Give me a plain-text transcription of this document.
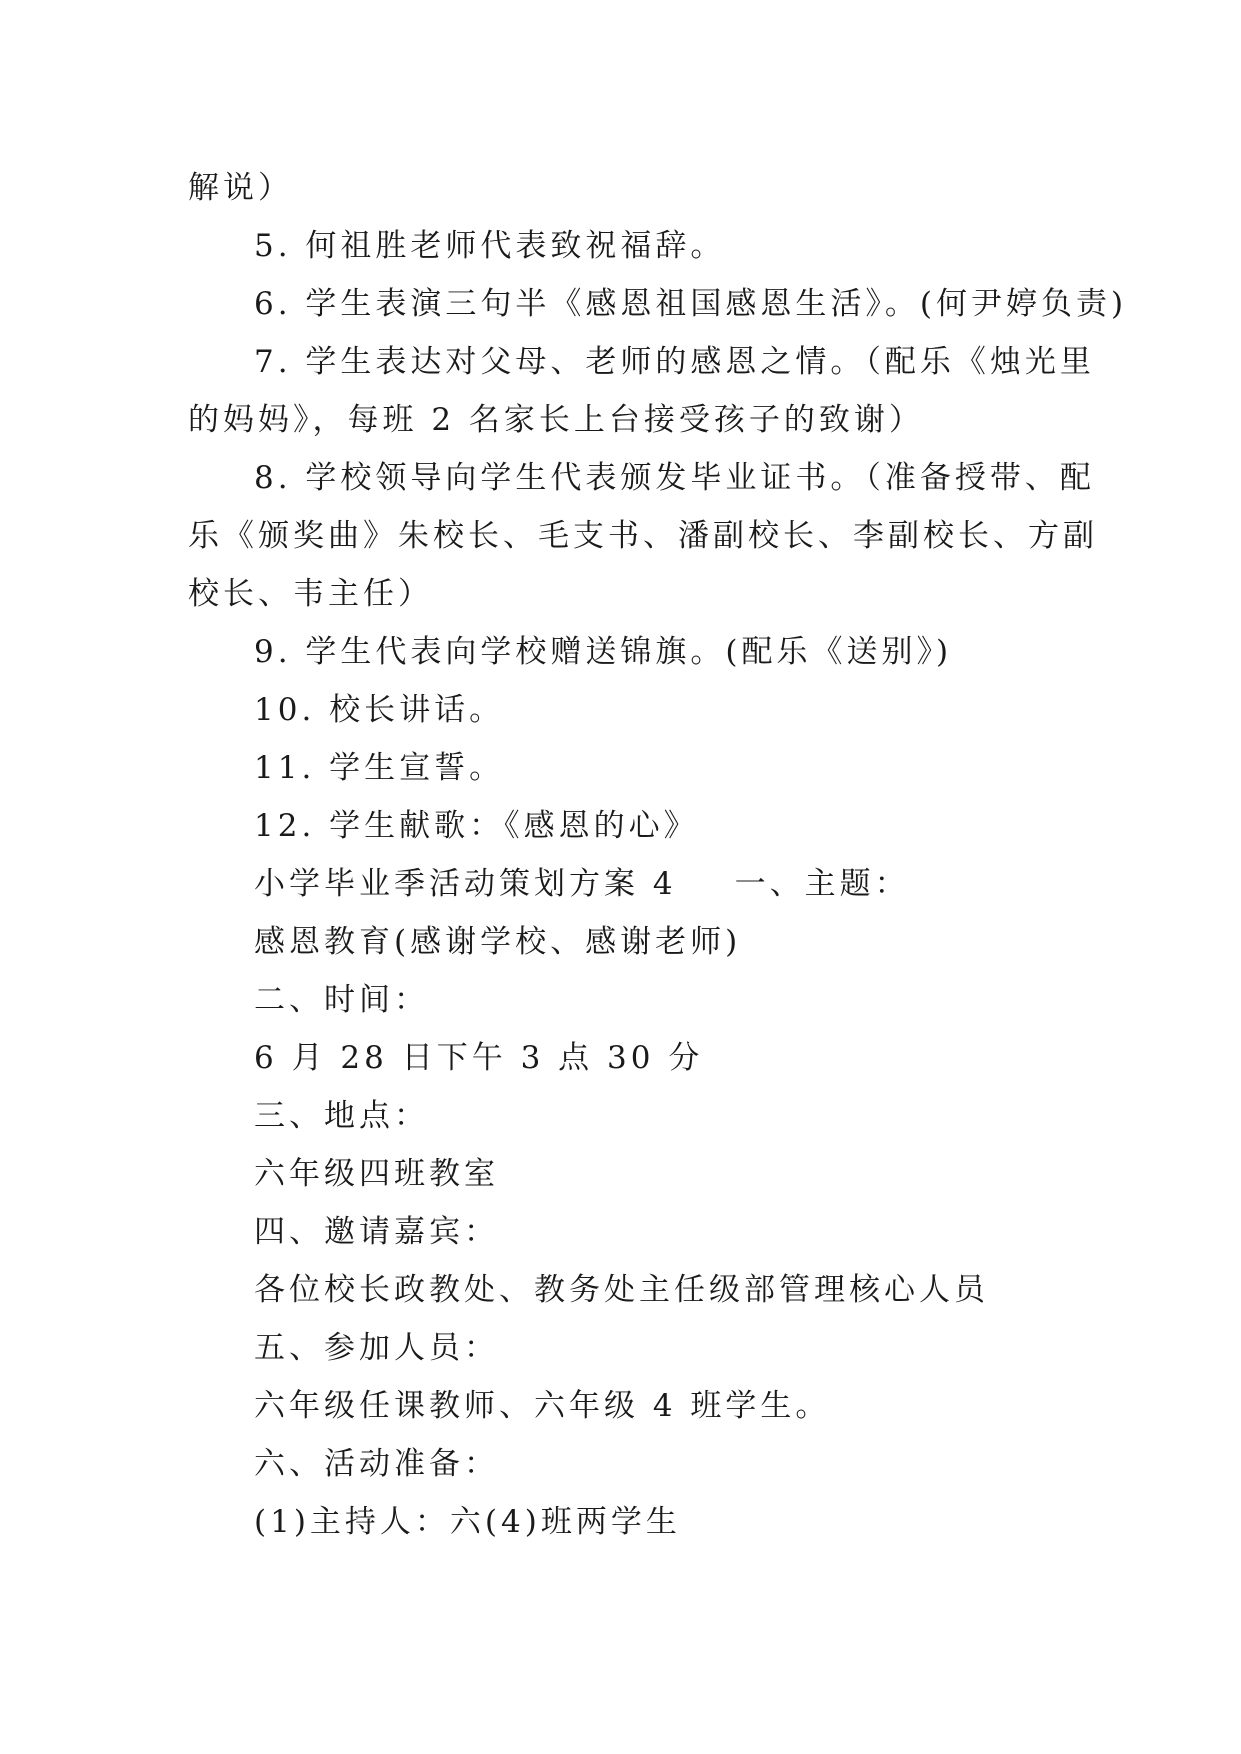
解说）
5. 何祖胜老师代表致祝福辞。
6. 学生表演三句半《感恩祖国感恩生活》。(何尹婷负责)
7. 学生表达对父母、老师的感恩之情。（配乐《烛光里
的妈妈》，每班 2 名家长上台接受孩子的致谢）
8. 学校领导向学生代表颁发毕业证书。（准备授带、配
乐《颁奖曲》朱校长、毛支书、潘副校长、李副校长、方副
校长、韦主任）
9. 学生代表向学校赠送锦旗。(配乐《送别》)
10. 校长讲话。
11. 学生宣誓。
12. 学生献歌：《感恩的心》
小学毕业季活动策划方案 4 一、主题：
感恩教育(感谢学校、感谢老师)
二、时间：
6 月 28 日下午 3 点 30 分
三、地点：
六年级四班教室
四、邀请嘉宾：
各位校长政教处、教务处主任级部管理核心人员
五、参加人员：
六年级任课教师、六年级 4 班学生。
六、活动准备：
(1)主持人：六(4)班两学生
